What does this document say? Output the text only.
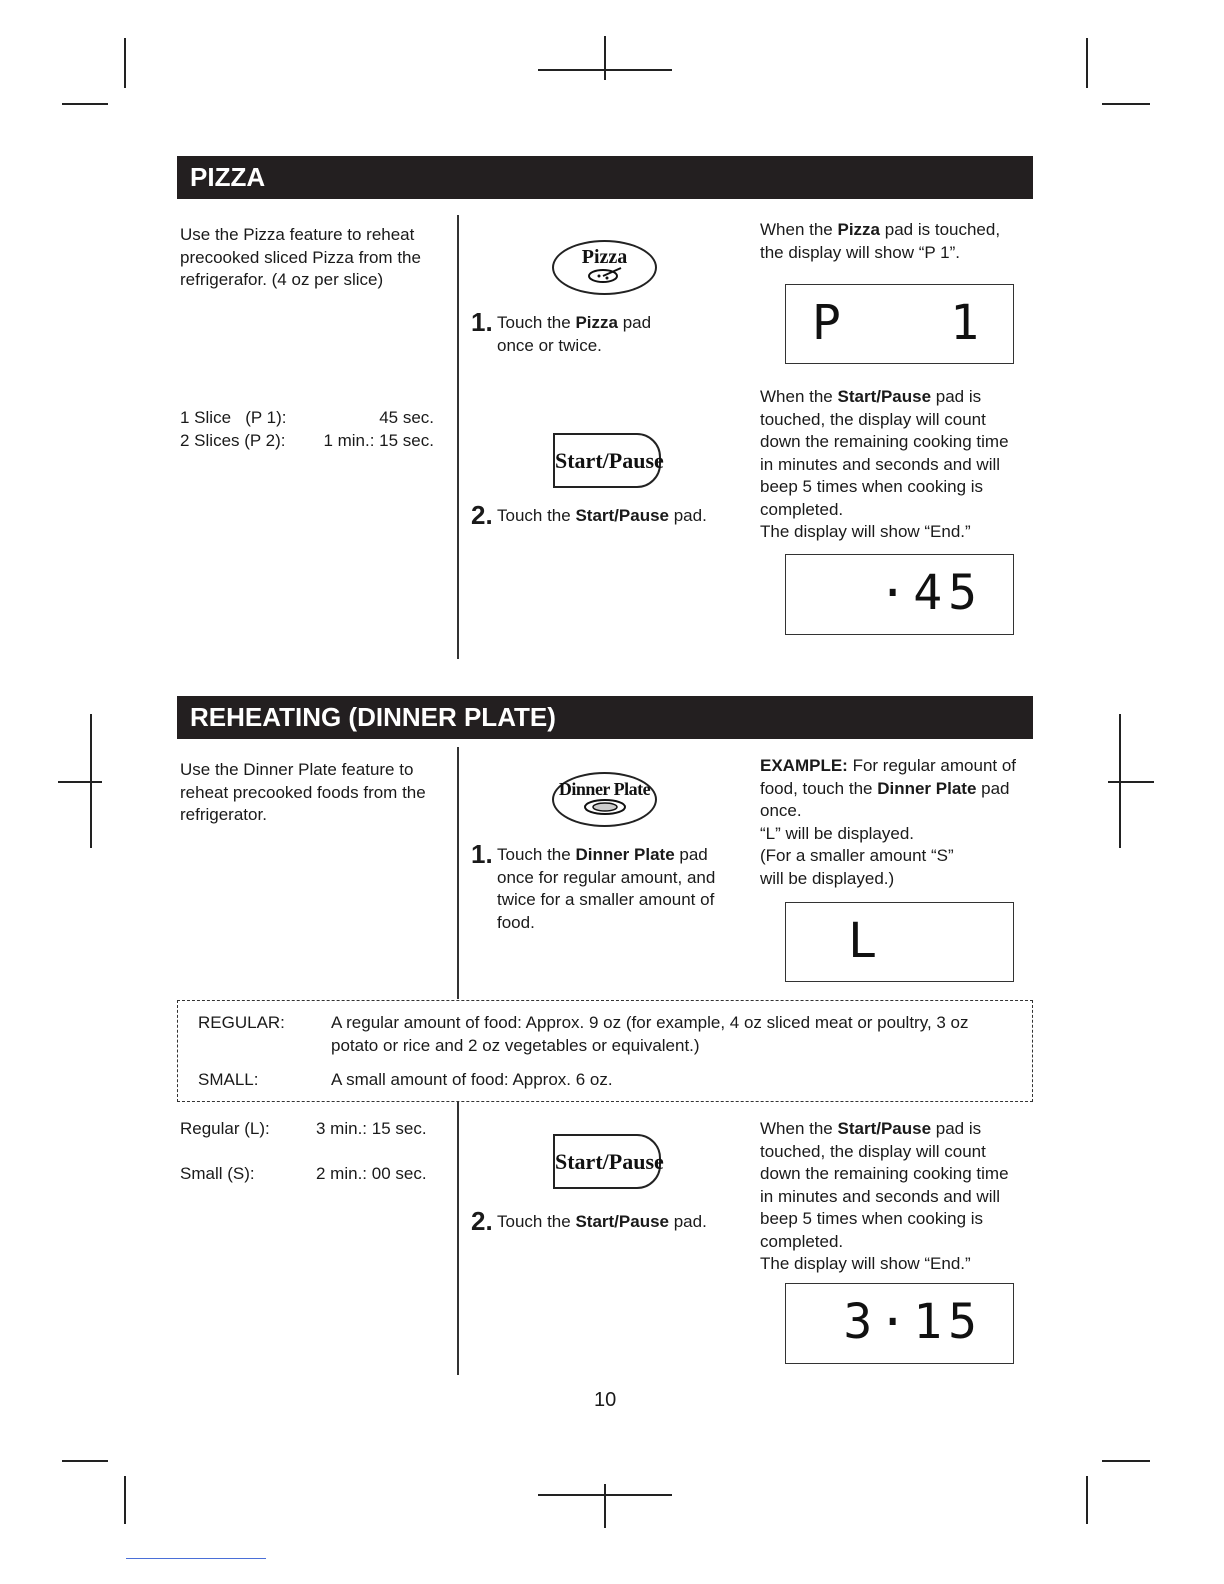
PIZZA
Use the Pizza feature to reheat precooked sliced Pizza from the refrigerafor. (4 oz per slice)
1 Slice   (P 1):	45 sec.
2 Slices (P 2): 1 min.: 15 sec.
Pizza
1. Touch the Pizza pad
once or twice.
Start/Pause
2. Touch the Start/Pause pad.
When the Pizza pad is touched, the display will show “P 1”.
P 1
When the Start/Pause pad is touched, the display will count down the remaining cooking time in minutes and seconds and will beep 5 times when cooking is completed.
The display will show “End.”
·45
REHEATING (DINNER PLATE)
Use the Dinner Plate feature to reheat precooked foods from the refrigerator.
Dinner Plate
1. Touch the Dinner Plate pad once for regular amount, and twice for a smaller amount of food.
EXAMPLE: For regular amount of food, touch the Dinner Plate pad once.
“L” will be displayed.
(For a smaller amount “S” will be displayed.)
L
REGULAR:	A regular amount of food: Approx. 9 oz (for example, 4 oz sliced meat or poultry, 3 oz potato or rice and 2 oz vegetables or equivalent.)
SMALL:	A small amount of food: Approx. 6 oz.
Regular (L):	3 min.: 15 sec.
Small (S):	2 min.: 00 sec.	Start/Pause
2. Touch the Start/Pause pad.
When the Start/Pause pad is touched, the display will count down the remaining cooking time in minutes and seconds and will beep 5 times when cooking is completed.
The display will show “End.”
3·15
10
